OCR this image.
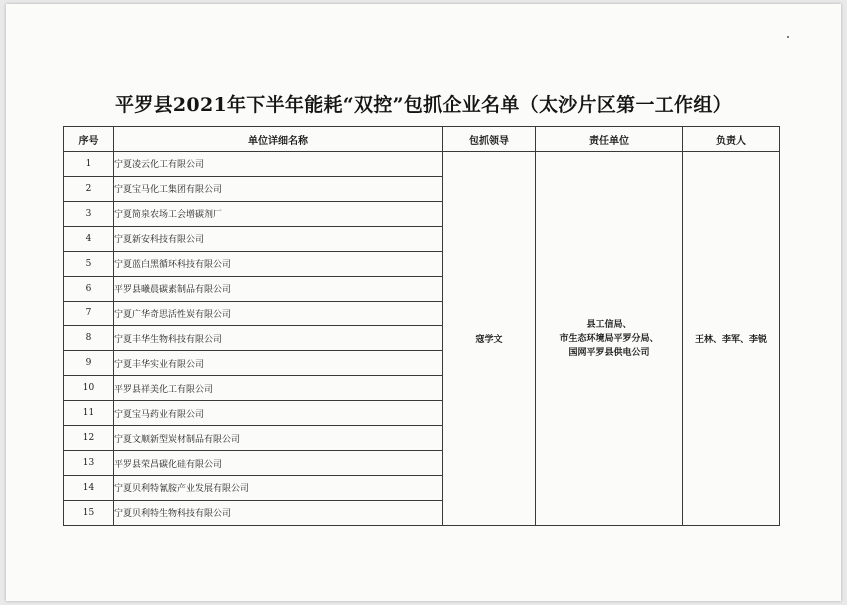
平罗县2021年下半年能耗“双控”包抓企业名单（太沙片区第一工作组）
序号	单位详细名称	包抓领导	责任单位	负责人
1	宁夏凌云化工有限公司	寇学文	县工信局、
市生态环境局平罗分局、
国网平罗县供电公司	王林、李军、李锐
2	宁夏宝马化工集团有限公司			
3	宁夏简泉农场工会增碳剂厂			
4	宁夏新安科技有限公司			
5	宁夏蓝白黑循环科技有限公司			
6	平罗县曦晨碳素制品有限公司			
7	宁夏广华奇思活性炭有限公司			
8	宁夏丰华生物科技有限公司			
9	宁夏丰华实业有限公司			
10	平罗县祥美化工有限公司			
11	宁夏宝马药业有限公司			
12	宁夏文顺新型炭材制品有限公司			
13	平罗县荣昌碳化硅有限公司			
14	宁夏贝利特氰胺产业发展有限公司			
15	宁夏贝利特生物科技有限公司			
